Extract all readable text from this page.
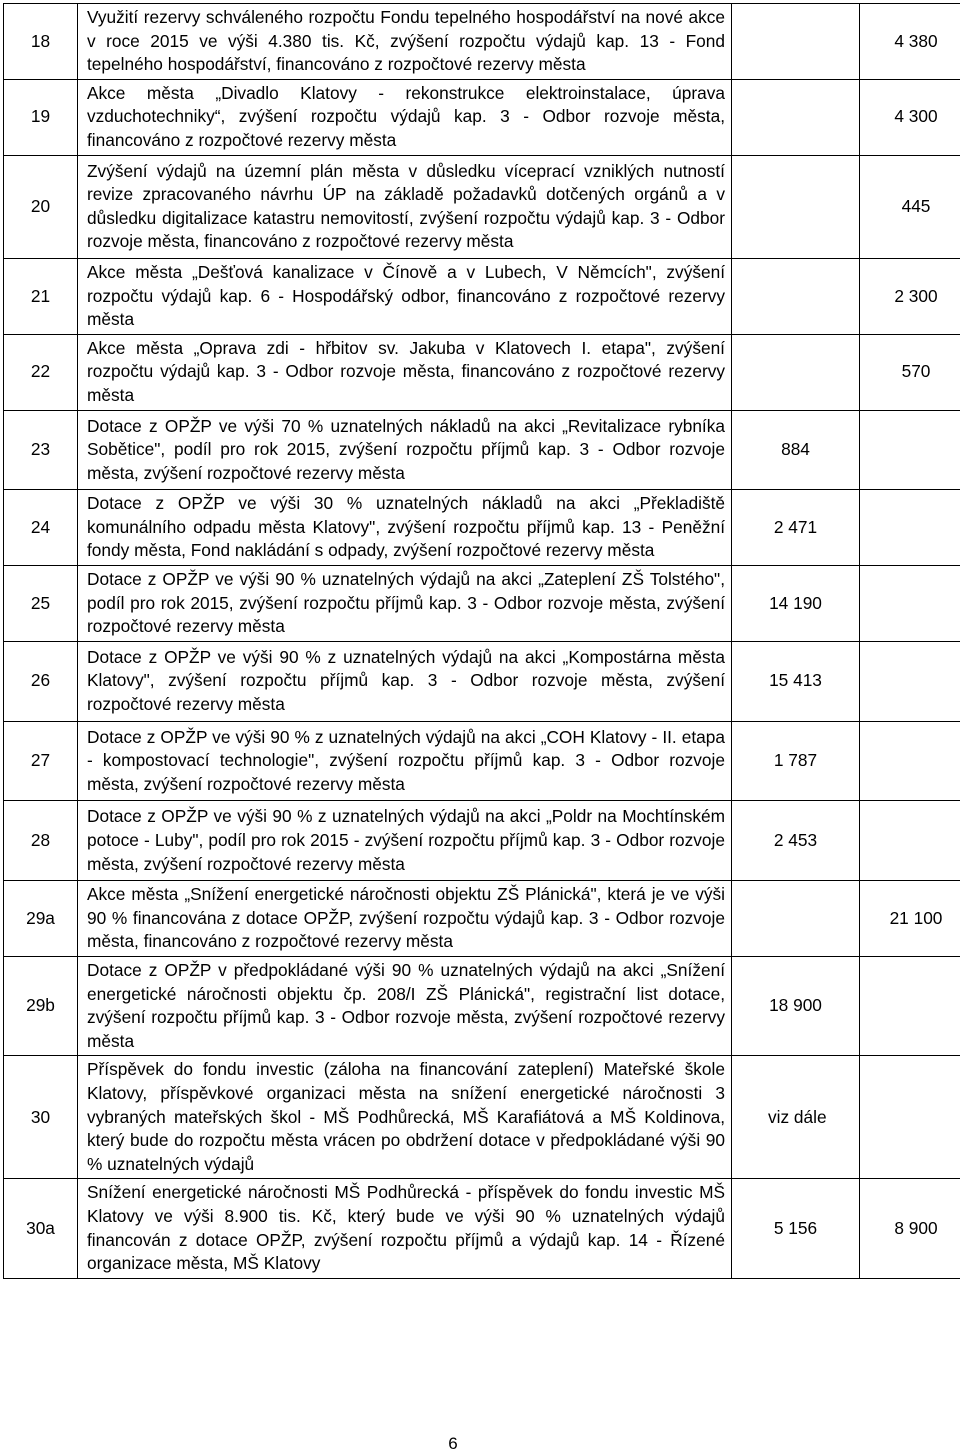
18	Využití rezervy schváleného rozpočtu Fondu tepelného hospodářství na nové akce v roce 2015 ve výši 4.380 tis. Kč, zvýšení rozpočtu výdajů kap. 13 - Fond tepelného hospodářství, financováno z rozpočtové rezervy města		4 380
19	Akce města „Divadlo Klatovy - rekonstrukce elektroinstalace, úprava vzduchotechniky“, zvýšení rozpočtu výdajů kap. 3 - Odbor rozvoje města, financováno z rozpočtové rezervy města		4 300
20	Zvýšení výdajů na územní plán města v důsledku víceprací vzniklých nutností revize zpracovaného návrhu ÚP na základě požadavků dotčených orgánů a v důsledku digitalizace katastru nemovitostí, zvýšení rozpočtu výdajů kap. 3 - Odbor rozvoje města, financováno z rozpočtové rezervy města		445
21	Akce města „Dešťová kanalizace v Čínově a v Lubech, V Němcích", zvýšení rozpočtu výdajů kap. 6 - Hospodářský odbor, financováno z rozpočtové rezervy města		2 300
22	Akce města „Oprava zdi - hřbitov sv. Jakuba v Klatovech I. etapa", zvýšení rozpočtu výdajů kap. 3 - Odbor rozvoje města, financováno z rozpočtové rezervy města		570
23	Dotace z OPŽP ve výši 70 % uznatelných nákladů na akci „Revitalizace rybníka Sobětice", podíl pro rok 2015, zvýšení rozpočtu příjmů kap. 3 - Odbor rozvoje města, zvýšení rozpočtové rezervy města	884	
24	Dotace z OPŽP ve výši 30 % uznatelných nákladů na akci „Překladiště komunálního odpadu města Klatovy", zvýšení rozpočtu příjmů kap. 13 - Peněžní fondy města, Fond nakládání s odpady, zvýšení rozpočtové rezervy města	2 471	
25	Dotace z OPŽP ve výši 90 % uznatelných výdajů na akci „Zateplení ZŠ Tolstého", podíl pro rok 2015, zvýšení rozpočtu příjmů kap. 3 - Odbor rozvoje města, zvýšení rozpočtové rezervy města	14 190	
26	Dotace z OPŽP ve výši 90 % z uznatelných výdajů na akci „Kompostárna města Klatovy", zvýšení rozpočtu příjmů kap. 3 - Odbor rozvoje města, zvýšení rozpočtové rezervy města	15 413	
27	Dotace z OPŽP ve výši 90 % z uznatelných výdajů na akci „COH Klatovy - II. etapa - kompostovací technologie", zvýšení rozpočtu příjmů kap. 3 - Odbor rozvoje města, zvýšení rozpočtové rezervy města	1 787	
28	Dotace z OPŽP ve výši 90 % z uznatelných výdajů na akci „Poldr na Mochtínském potoce - Luby", podíl pro rok 2015 - zvýšení rozpočtu příjmů kap. 3 - Odbor rozvoje města, zvýšení rozpočtové rezervy města	2 453	
29a	Akce města „Snížení energetické náročnosti objektu ZŠ Plánická", která je ve výši 90 % financována z dotace OPŽP, zvýšení rozpočtu výdajů kap. 3 - Odbor rozvoje města, financováno z rozpočtové rezervy města		21 100
29b	Dotace z OPŽP v předpokládané výši 90 % uznatelných výdajů na akci „Snížení energetické náročnosti objektu čp. 208/I ZŠ Plánická", registrační list dotace, zvýšení rozpočtu příjmů kap. 3 - Odbor rozvoje města, zvýšení rozpočtové rezervy města	18 900	
30	Příspěvek do fondu investic (záloha na financování zateplení) Mateřské škole Klatovy, příspěvkové organizaci města na snížení energetické náročnosti 3 vybraných mateřských škol - MŠ Podhůrecká, MŠ Karafiátová a MŠ Koldinova, který bude do rozpočtu města vrácen po obdržení dotace v předpokládané výši 90 % uznatelných výdajů	viz dále	
30a	Snížení energetické náročnosti MŠ Podhůrecká - příspěvek do fondu investic MŠ Klatovy ve výši 8.900 tis. Kč, který bude ve výši 90 % uznatelných výdajů financován z dotace OPŽP, zvýšení rozpočtu příjmů a výdajů kap. 14 - Řízené organizace města, MŠ Klatovy	5 156	8 900
6
